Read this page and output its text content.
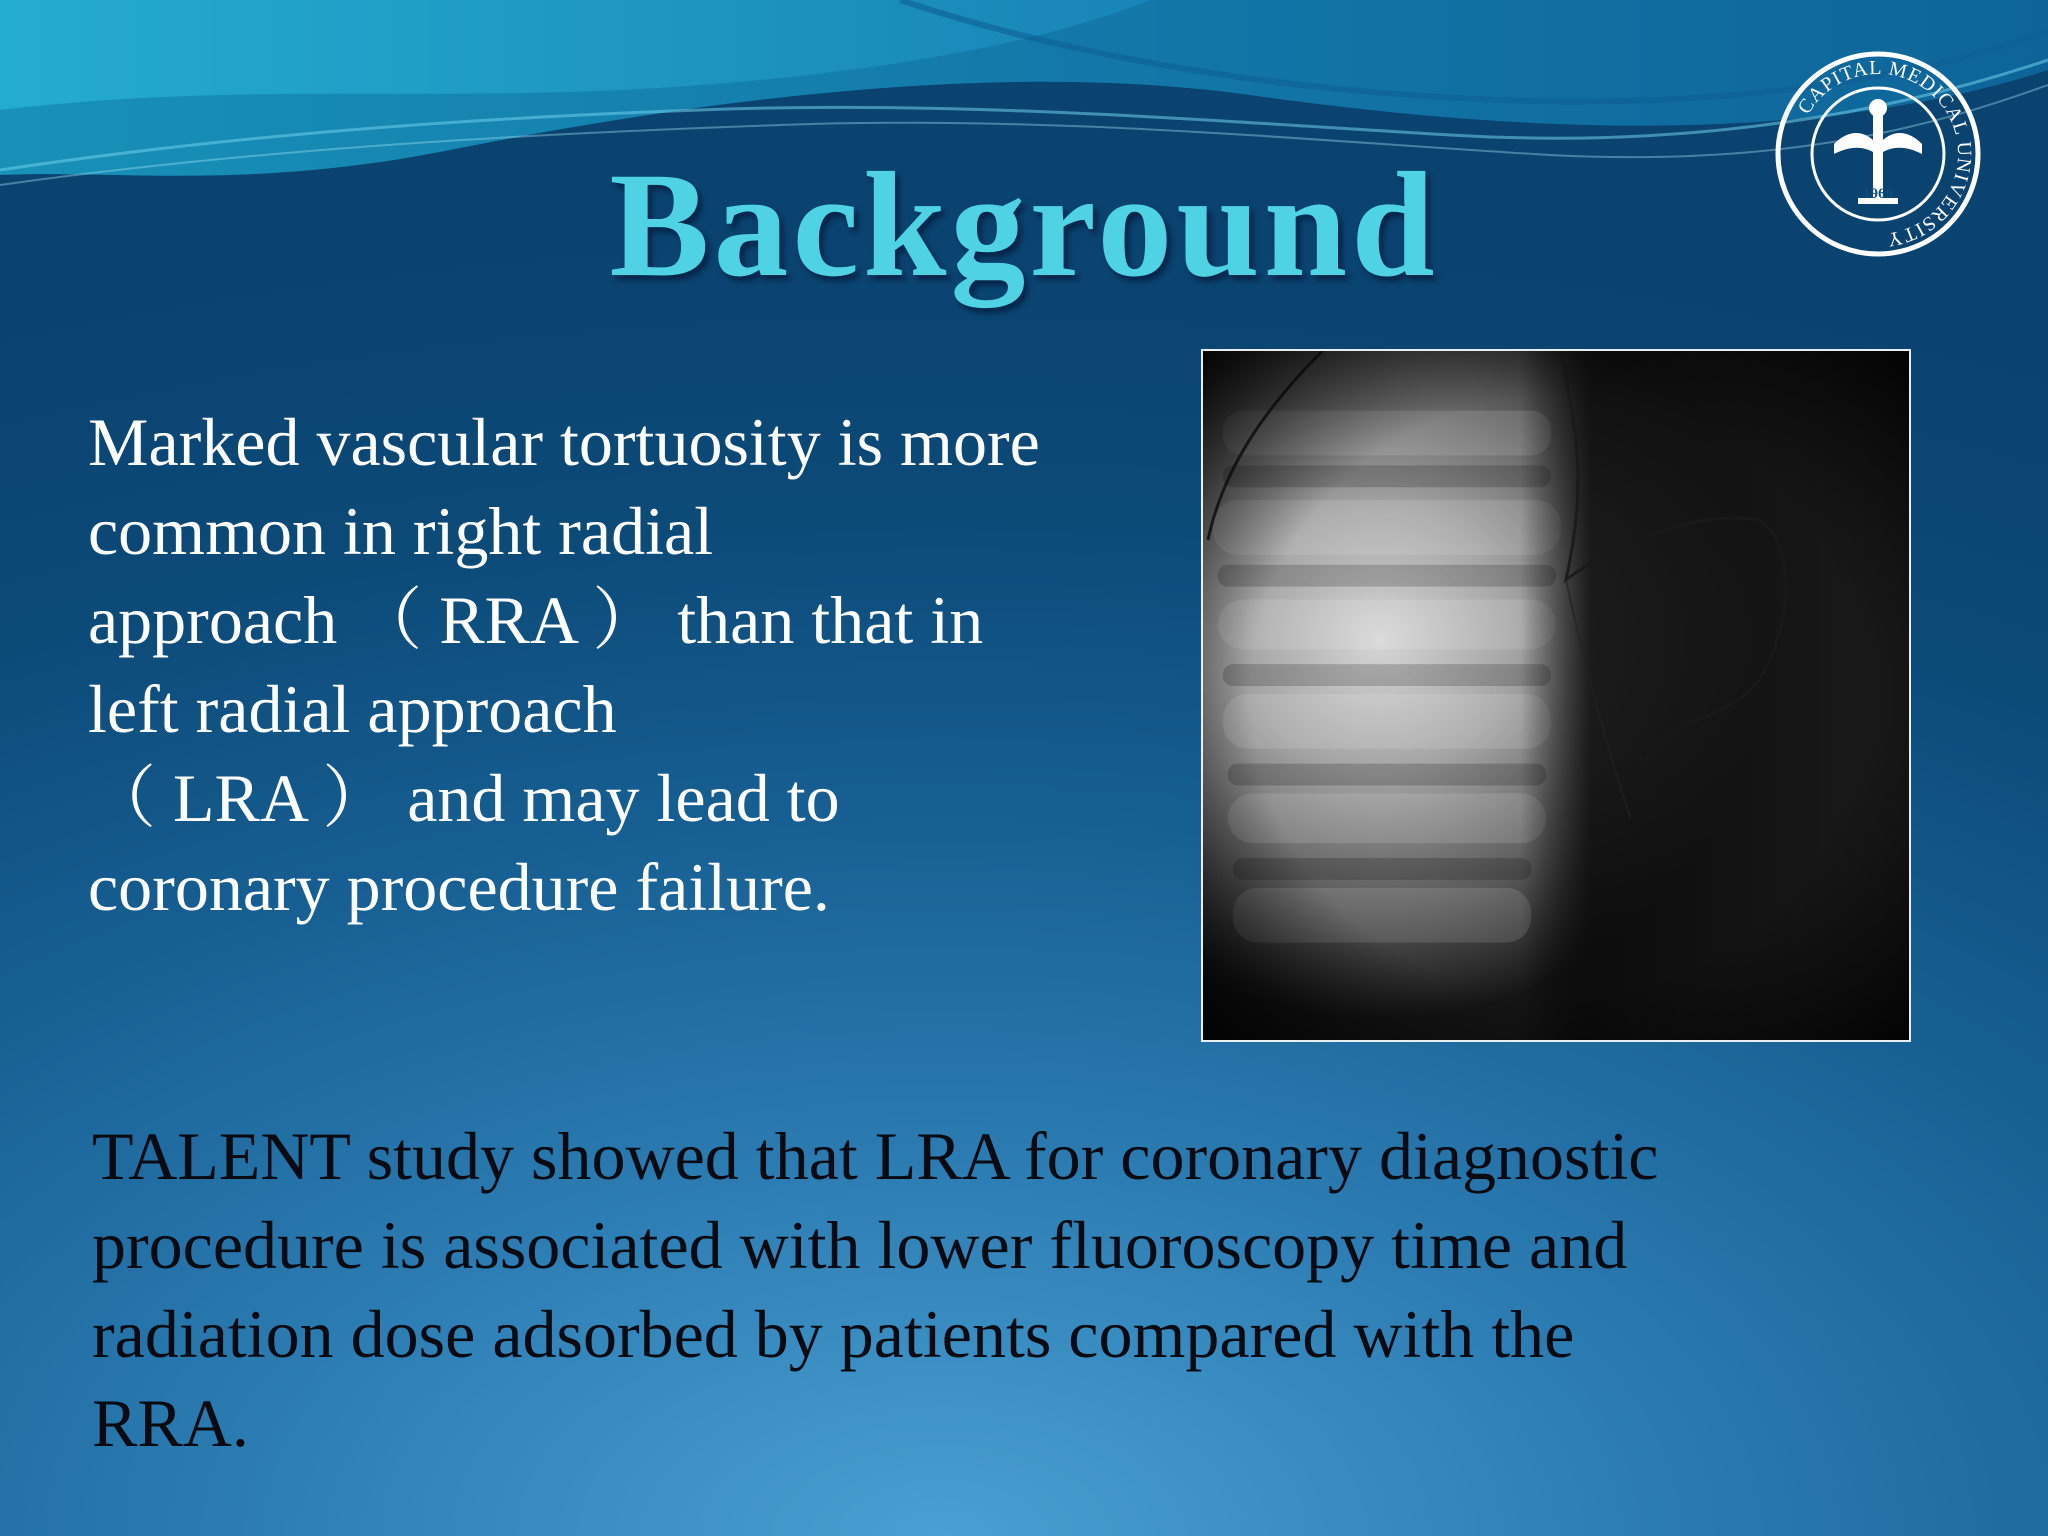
Background
CAPITAL MEDICAL UNIVERSITY
1960

Marked vascular tortuosity is more

common in right radial

approach （ RRA ） than that in

left radial approach

（ LRA ） and may lead to

coronary procedure failure.

TALENT study showed that LRA for coronary diagnostic

procedure is associated with lower fluoroscopy time and

radiation dose adsorbed by patients compared with the

RRA.
